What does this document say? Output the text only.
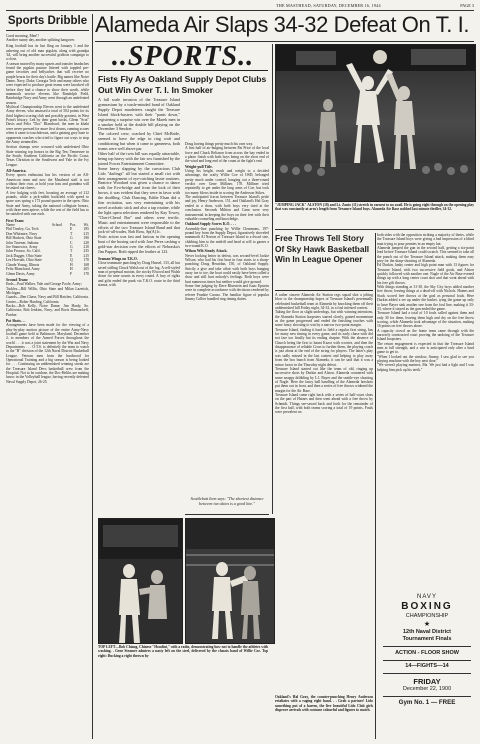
THE MASTHEAD, SATURDAY, DECEMBER 16, 1944	PAGE 3
Sports Dribble
Good morning, Men!!
Another sunny day, another splitting hangover.
King football has its last fling on January 1 and the ushering out of old man pigskin, along with grandpa '44, will bring another successful gridiron campaign to a close.
A season marred by many upsets and transfer headaches found the pigskin pasture littered with toppled pre-game favorites and bellyaches that will receive no purple hearts for their day's battle. Big names like Notre Dame, Navy, Duke, Georgia Tech and many others who were expected to produce great teams were knocked off before they had a chance to show their worth, while mammoth service elevens like Randolph Field, Bainbridge Navy and Army went through an undefeated season.
Mythical Championship Eleven went to the undefeated Army eleven, who amassed a total of 504 points for its third highest scoring club and possibly greatest, in West Point's history. Led by their great backs, Glenn "Scat" Davis and Felix "Doc" Blanchard, the men in khaki were never pressed for more first downs, running scores when it came to touchdowns, and a gaining grey haze to opponents coaches who tried to figure out ways to stop the Army steamroller.
Section champs were crowned with undefeated Ohio State winning top honors in the Big Ten; Tennessee in the South; Southern California on the Pacific Coast; Texas Christian in the Southwest and Yale in the Ivy League.
All-America.
Every sports enthusiast has his version of an All-American team and now the Masthead staff is not without their own, at hold your hats and grandma will be asked out cheers.
A few bulging with feet, boasting an average of 212 pounds, while a jack-rabbit backfield with speed to spare was spring a 173 pound quarter in the open. Ohio State and Army, taking the national collegiate honors, with three men apiece, while the rest of the field has to be satisfied with one each.
First Team:
Name	School	Pos.	Wt.
Phil Tinsley, Ga. Tech	E	185
Don Whitmire, Navy	T	215
Bill Hackett, Ohio State	G	190
John Tavener, Indiana	C	220
Joe Stanowicz, Army	G	210
John Ferraro, So. Calif.	T	235
Jack Dugger, Ohio State	E	215
Les Horvath, Ohio State	Q	170
Claude Young, Illinois	H	168
Felix Blanchard, Army	H	205
Glenn Davis, Army	F	170
Second Team:
Ends—Paul Walker, Yale and George Poole, Army;
Tackles—Bill Willis, Ohio State and Milan Lazetich, Michigan.
Guards—Ben Chase, Navy and Bill Hatcher, California.
Center—Rober Harding, California.
Backs—Bob Kelly, Notre Dame; Jim Hardy, So. California; Bob Jenkins, Navy; and Boris Dimancheff, Purdue.
Pot Shots. . .
Arrangements have been made for the viewing of a play-by-play motion picture of the entire Army-Navy football game held at Baltimore, Maryland, December 2, to members of the Armed Forces throughout the world . . . it was a joint statement by the War and Navy Departments . . . O.T.S. is definitely the team to watch in the "B" division of the 12th Naval District Basketball League. Veteran men from the hardwood for Operational Training and a big season is being looked for . . . Continuing an unblemished winning streak are the Treasure Island Devs basketball crew from the Hospital. Not to be outdone, the Doc-Heliks are making havoc in the Volleyball league, having recently defeated Naval Supply Depot, 26-25.
Alameda Air Slaps 34-32 Defeat On T. I.
..SPORTS..
Fists Fly As Oakland Supply Depot Clubs Out Win Over T. I. In Smoker
A full scale invasion of the Treasure Island gymnasium by a tussle-minded band of Oakland Supply Depot mauleteers caught the Treasure Island block-busters with their "pants down," registering a surprise win over the Marek men in a smoker held at the double bill playing on the December 3 Smoker.
The colored crew, coached by Chief McBride, seemed to have the edge in ring craft and conditioning but when it came to gameness, both teams were well above par.
Other half of the twin bill was equally attractable, being top heavy with the fair sex furnished by the joined Forces Entertainment Committee.
Some heavy slapping by the curvacious Club Lido "darlings" all but started a small riot with their arrangement of eye-catching lassie routines. Beatrice Woodard was given a chance to dance with Joe Evo-bridge and from the look of their brows, it was evident that they were in favor with the shuffling. Club Dancing, Eddie Elsan did a fine recitation, was very entertaining with his novel acrobatic stick and also a tap routine, while the light opera selections rendered by Kay Towey, "Cheri-Cherol Bar" and others were terrific. Music and entertainment were responsible to the efforts of the two Treasure Island Band and that jack-of-all-trades, Bob Ross, Sp(A)1c.
Fistic action was fast and furious in the opening bout of the boxing card with Jose Perez cashing a gold-star decision over the efforts of Nebraska's Jim Pappas. Both ripped the leather at 123.
Seaman Wings on T.K.O.
Close teammate punching by Doug Hussel, 133, all but saved stifling Chuck Walsh out of the fog. A self-styled man of perpetual motion, the stocky Elwood and Walsh down for nine counts in every round. A fury of rights and gifts ended the punk via T.K.O. route in the third stanza, with
Doug having things pretty much his own way.
A first half of air-bulging between Pat Price of the local force and Chuck Reliason from across the bay ended in a photo finish with both boys being on the short end of the wind and long end of the count at the fight's end.
Weight-pull Title.
Using his height, reach and weight to a decided advantage, the crafty Willie Coe of OSD, belonged pretty much under control, banging out a three-round verdict over Gene Milliner, 178. Milliner tried repeatedly to get under the long arms of Coe, but took too many blows inside in scoring the Anderson Stikes.
The anticipated fracas between Treasure Island's pride and joy, Henry Anderson, 151, and Oakland's Hal Gray ended in a draw, with both boys very tired at the conclusion. Seconds Militon and Cann were very instrumental in keeping the boys on their feet with their valuable counseling and knowledge.
Oakland Supply Scores K.O. . . .
Assembly-line punching by Willie Clemmons, 197-pound key from the Supply Depot, figuratively shoveled mammoth Al Norton of Treasure Island to a dwarf size, clubbing him to the midriff and head at will to garner a two-round K.O.
Wilson Wih Steady Attack.
Never looking better in defeat, was second-level Jackie Wilson, who had his first bout in four starts to a sharp-punching Doug Heuridan, 150, of Oakland Supply. Strictly a give and take affair with both boys banging away toe to toe, the bout could easily have been called a draw and still hurt nobody's feelings. Both boys were hurt numerous times but neither would give ground.
Some fine judging by Dave Bluestein and Isaac Epstein were in complete accordance with decisions rendered by referee Frankie Caruso. The familiar figure of popular Jimmy Collier handled ring timing duties.
Scuttlebutt Item says: "The shortest distance between two dates is a good line."
"JUMPING JACK" ALSTON (18) and Lt. Zonio (11) stretch in earnest to no avail. He is going right through on the opening play that was constantly at arm's length from Treasure Island boys. Alameda Air Base nabbed last minute thriller, 34-32.
Free Throws Tell Story Of Sky Hawk Basketball Win In League Opener
A rather sincere Alameda Air Station regs squad shot a jolting blow to the championship hopes of Treasure Island's perennially celebrated basketball team at Alameda by knocking them off their unblemished hill Friday night, 34-32, in a foul infested contest.
Taking the floor as slight underdogs, but with winning intentions, the Alameda Station hoopsters started slowly, gained momentum as the game progressed and ended the finishing touches with some fancy shooting to win by a narrow two-point margin.
Treasure Island, finding it hard to field a regular first string, has for many new timing in every game, and its early chase with did not fare too finally but its ending chapter. With the absence of Church being the first to haunt Kazor with worries, and then the disappearance of reliable Cross to further them, the playing coach is just about at the end of the string for players. The latter's play was sadly missed in the last contest and helping to play away from the box bunch from Alameda, it can be said that it was a minor factor in the Thursday night defeat.
Treasure Island started out like the team of old, ringing up successive shots by Durkin and Alston. Alameda countered with some snappy dribbling by L.I. Bayer and the seattle-eye shooting of Nagle. Here the fancy ball handling of the Alameda hotshots put them out in front, and then a series of free throws widened the margin for the Air Base.
Treasure Island came right back with a series of half-court shots on the part of Haines and then went ahead with a free throw by Schmidt. Things see-sawed back and forth for the remainder of the first half, with both teams scoring a total of 19 points. Fouls were prevalent on
both sides with the opposition striking a majority of theirs, while the Treasure Island boys were giving a bad impression of a blind man trying to pour pennies in an empty hat.
Alameda jumped the gun in the second half, getting a six-point lead before Treasure Island could scratch. This seemed to take all the punch out of the Treasure Island attack, making them easy prey for the sharp-shooting of Alameda.
Ed Durkin, lanky center and high point man with 13 figures for Treasure Island, with two successive field goals, and Alston quickly followed with another one. Nagle of the Air Base evened things up with a long center court shot and that went ahead with his free gift throws.
With things standing at 31-30, the Sky City boys added another free throw, leaving things at a dead-off with Nichols. Haines and Stack scored free throws at the goal as personal fouls. Here Durkin added a set up under the basket, tying the game up only to have Bayer sink another one from the foul line, making it 33-33, where it stayed as the gun ended the game.
Treasure Island had a total of 10 fouls called against them and only 30 for them, leaving them high and dry on the free throw scoring, while Alameda took advantage of the situation, making 16 points on free throws alone.
A capacity crowd on the home team came through with the narrowly constructed court proving the undoing of the Treasure Island hoopsters.
The return engagement is expected in that the Treasure Island men at full strength, and a win is anticipated only after a hard game to get to.
"When I looked out the window, Jimmy, I saw glad to see you playing machine with the boy next door."
"We weren't playing marines, Ma. We just had a fight and I was helping him pick up his teeth."
NAVY
BOXING
CHAMPIONSHIP
★
12th Naval District
Tournament Finals
ACTION - FLOOR SHOW
14—FIGHTS—14
FRIDAY
December 22, 1900
Gym No. 1 — FREE
TOP LEFT—Bob Chiang, Chinese "Houdini," with a radio, demonstrating how not to handle the athletes with washing. . Gene Steamer admires a nasty left on the steel, delivered by the chassis hand of Willie Coe. Top right: Ducking a right thrown by
Oakland's Hal Gray, the counter-punching Henry Anderson retaliates with a raging right hand. . . Grab a partner! Lido something put of a harem, the five beautiful Lido Club girls disprove arrivals with costume colourful and figures to match.
